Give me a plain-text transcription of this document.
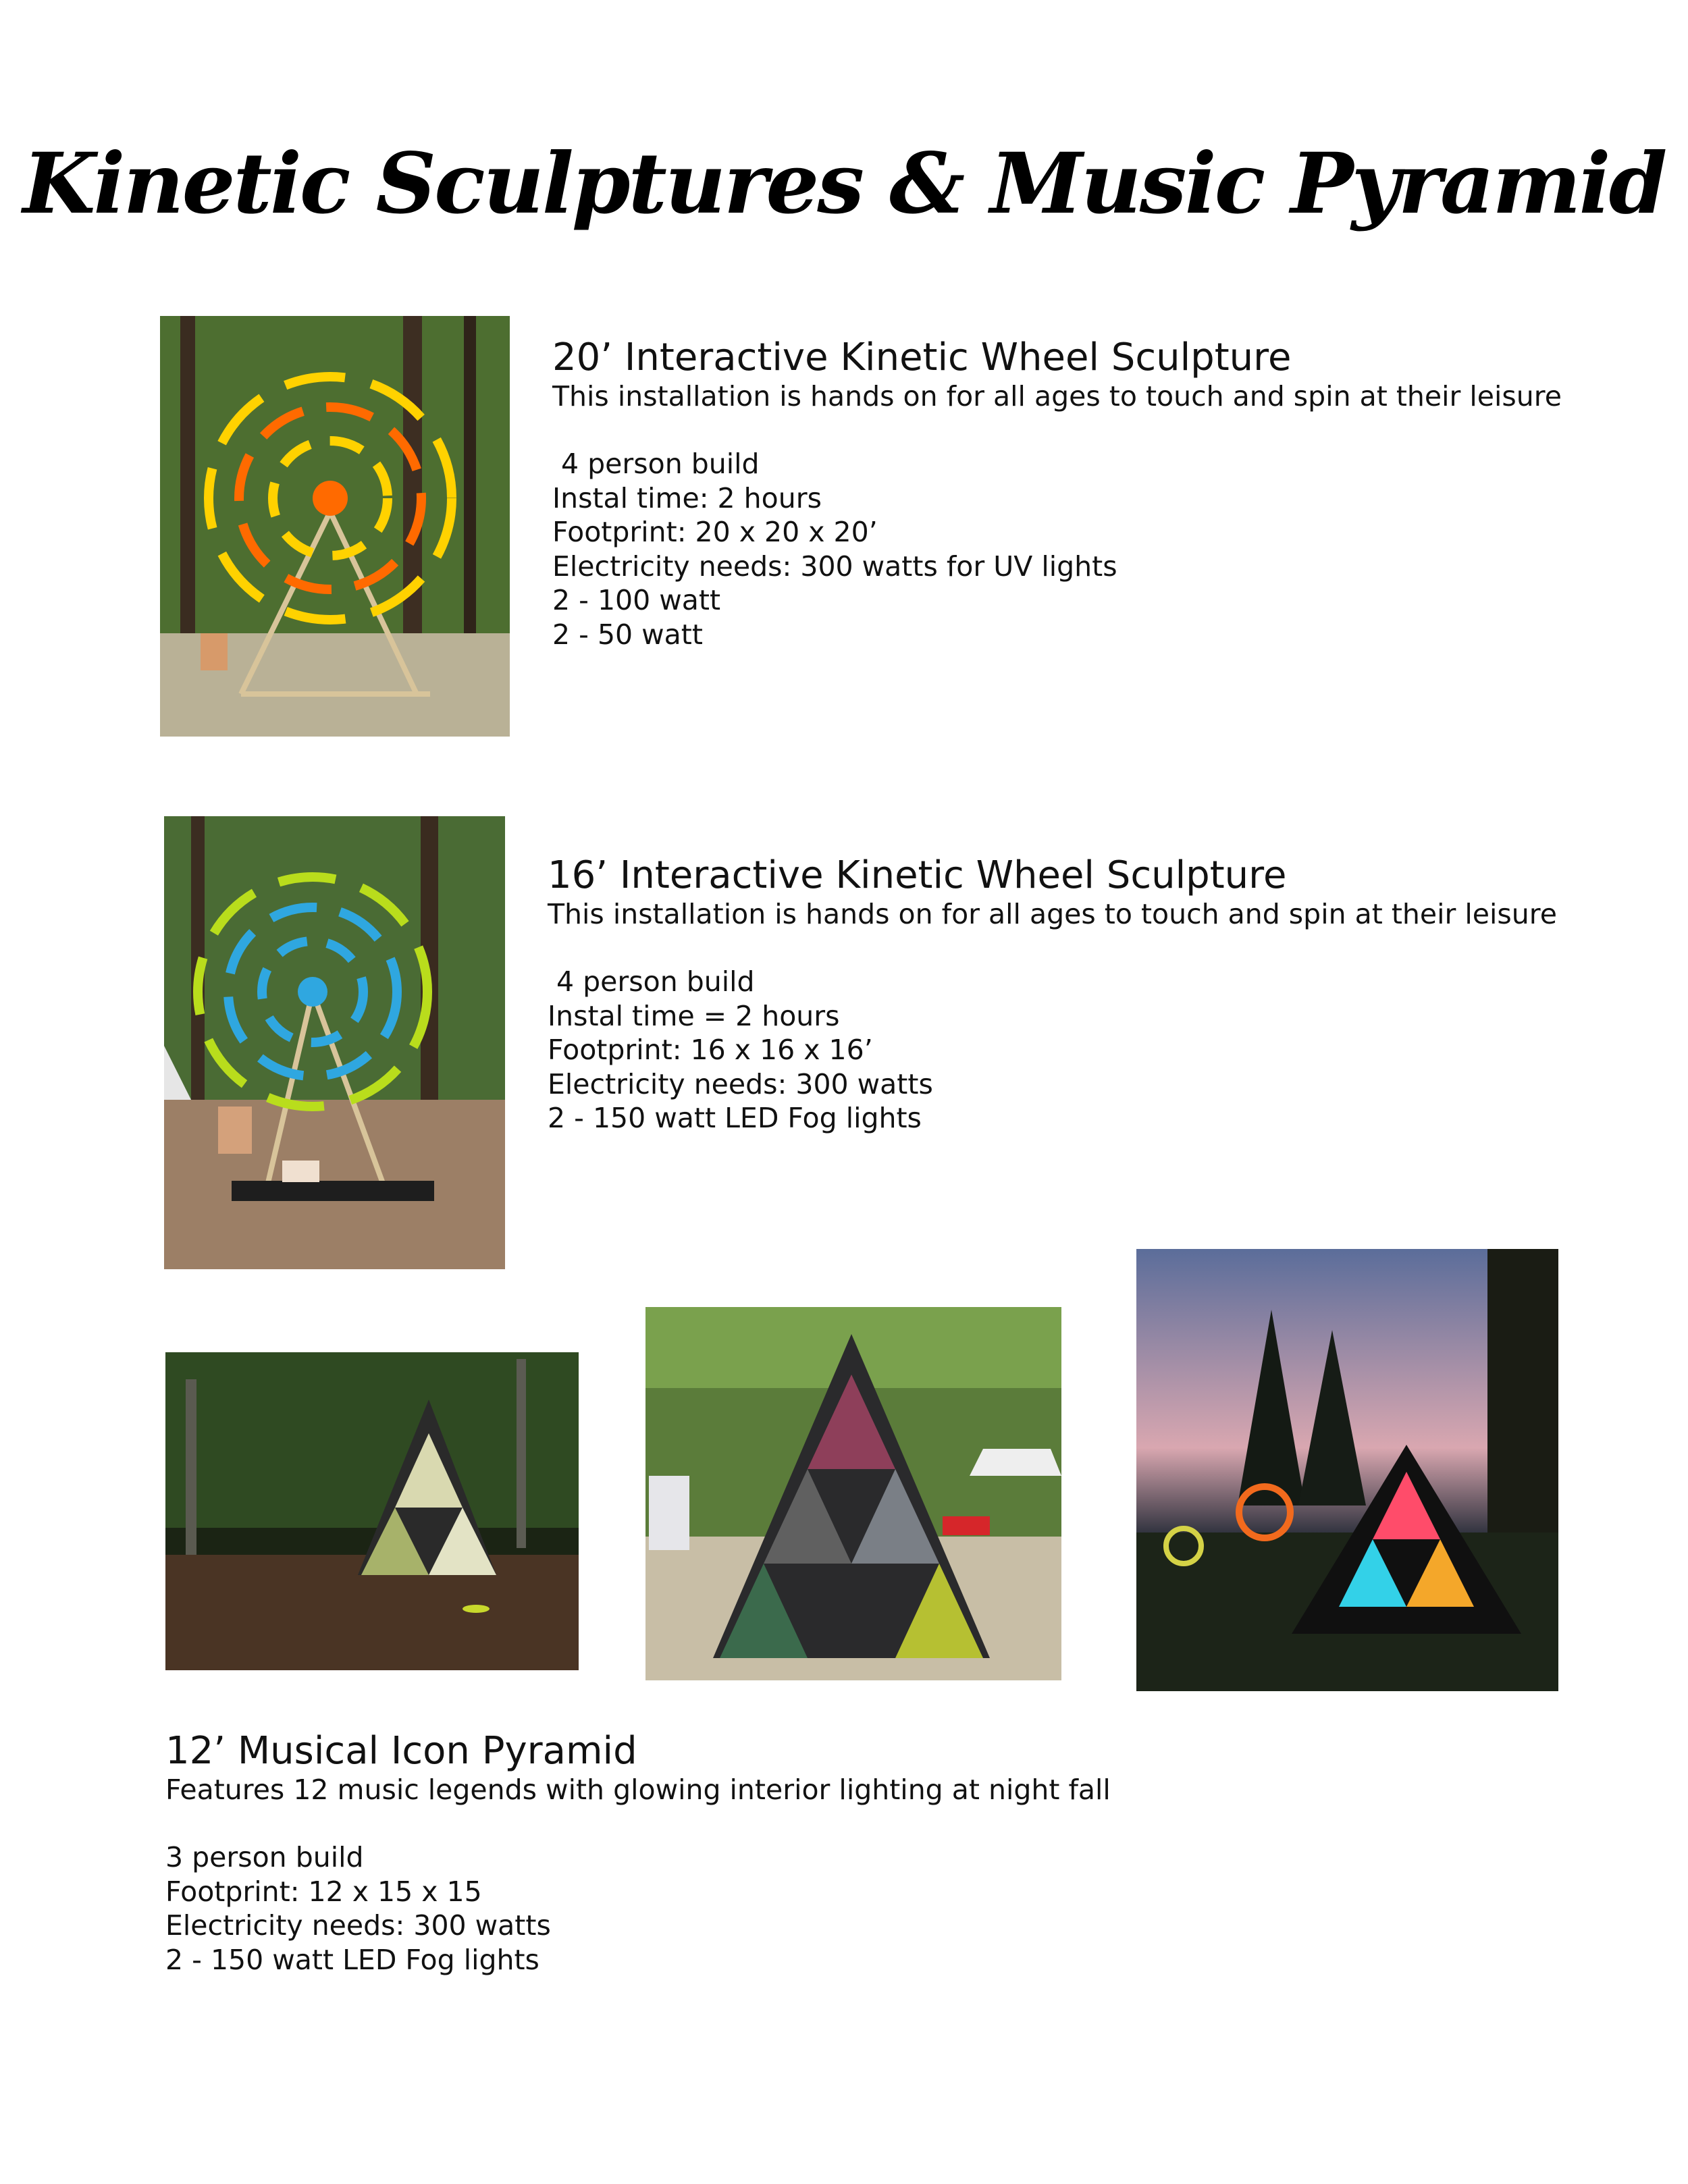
Kinetic Sculptures & Music Pyramid
20’ Interactive Kinetic Wheel Sculpture
This installation is hands on for all ages to touch and spin at their leisure
4 person build
Instal time: 2 hours
Footprint: 20 x 20 x 20’
Electricity needs: 300 watts for UV lights
2 - 100 watt
2 - 50 watt
16’ Interactive Kinetic Wheel Sculpture
This installation is hands on for all ages to touch and spin at their leisure
4 person build
Instal time = 2 hours
Footprint: 16 x 16 x 16’
Electricity needs: 300 watts
2 - 150 watt LED Fog lights
12’ Musical Icon Pyramid
Features 12 music legends with glowing interior lighting at night fall
3 person build
Footprint: 12 x 15 x 15
Electricity needs: 300 watts
2 - 150 watt LED Fog lights
